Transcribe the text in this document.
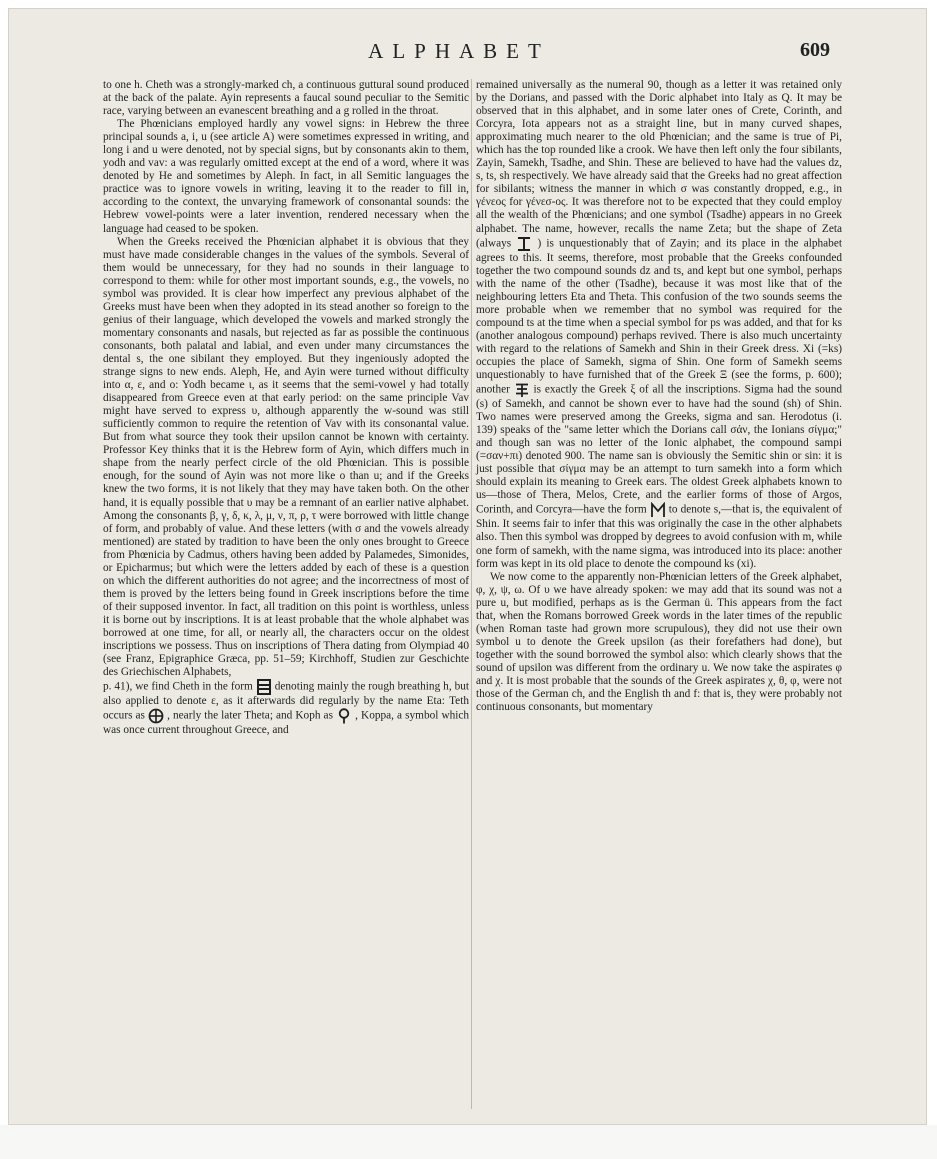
ALPHABET	609

to one h. Cheth was a strongly-marked ch, a continuous guttural sound produced at the back of the palate. Ayin represents a faucal sound peculiar to the Semitic race, varying between an evanescent breathing and a g rolled in the throat.

The Phœnicians employed hardly any vowel signs: in Hebrew the three principal sounds a, i, u (see article A) were sometimes expressed in writing, and long i and u were denoted, not by special signs, but by consonants akin to them, yodh and vav: a was regularly omitted except at the end of a word, where it was denoted by He and sometimes by Aleph. In fact, in all Semitic languages the practice was to ignore vowels in writing, leaving it to the reader to fill in, according to the context, the unvarying framework of consonantal sounds: the Hebrew vowel-points were a later invention, rendered necessary when the language had ceased to be spoken.

When the Greeks received the Phœnician alphabet it is obvious that they must have made considerable changes in the values of the symbols. Several of them would be unnecessary, for they had no sounds in their language to correspond to them: while for other most important sounds, e.g., the vowels, no symbol was provided. It is clear how imperfect any previous alphabet of the Greeks must have been when they adopted in its stead another so foreign to the genius of their language, which developed the vowels and marked strongly the momentary consonants and nasals, but rejected as far as possible the continuous consonants, both palatal and labial, and even under many circumstances the dental s, the one sibilant they employed. But they ingeniously adopted the strange signs to new ends. Aleph, He, and Ayin were turned without difficulty into α, ε, and o: Yodh became ι, as it seems that the semi-vowel y had totally disappeared from Greece even at that early period: on the same principle Vav might have served to express υ, although apparently the w-sound was still sufficiently common to require the retention of Vav with its consonantal value. But from what source they took their upsilon cannot be known with certainty. Professor Key thinks that it is the Hebrew form of Ayin, which differs much in shape from the nearly perfect circle of the old Phœnician. This is possible enough, for the sound of Ayin was not more like o than u; and if the Greeks knew the two forms, it is not likely that they may have taken both. On the other hand, it is equally possible that υ may be a remnant of an earlier native alphabet. Among the consonants β, γ, δ, κ, λ, μ, ν, π, ρ, τ were borrowed with little change of form, and probably of value. And these letters (with σ and the vowels already mentioned) are stated by tradition to have been the only ones brought to Greece from Phœnicia by Cadmus, others having been added by Palamedes, Simonides, or Epicharmus; but which were the letters added by each of these is a question on which the different authorities do not agree; and the incorrectness of most of them is proved by the letters being found in Greek inscriptions before the time of their supposed inventor. In fact, all tradition on this point is worthless, unless it is borne out by inscriptions. It is at least probable that the whole alphabet was borrowed at one time, for all, or nearly all, the characters occur on the oldest inscriptions we possess. Thus on inscriptions of Thera dating from Olympiad 40 (see Franz, Epigraphice Græca, pp. 51–59; Kirchhoff, Studien zur Geschichte des Griechischen Alphabets,

p. 41), we find Cheth in the form denoting mainly the rough breathing h, but also applied to denote ε, as it afterwards did regularly by the name Eta: Teth occurs as , nearly the later Theta; and Koph as , Koppa, a symbol which was once current throughout Greece, and

remained universally as the numeral 90, though as a letter it was retained only by the Dorians, and passed with the Doric alphabet into Italy as Q. It may be observed that in this alphabet, and in some later ones of Crete, Corinth, and Corcyra, Iota appears not as a straight line, but in many curved shapes, approximating much nearer to the old Phœnician; and the same is true of Pi, which has the top rounded like a crook. We have then left only the four sibilants, Zayin, Samekh, Tsadhe, and Shin. These are believed to have had the values dz, s, ts, sh respectively. We have already said that the Greeks had no great affection for sibilants; witness the manner in which σ was constantly dropped, e.g., in γένεος for γένεσ-ος. It was therefore not to be expected that they could employ all the wealth of the Phœnicians; and one symbol (Tsadhe) appears in no Greek alphabet. The name, however, recalls the name Zeta; but the shape of Zeta (always ) is unquestionably that of Zayin; and its place in the alphabet agrees to this. It seems, therefore, most probable that the Greeks confounded together the two compound sounds dz and ts, and kept but one symbol, perhaps with the name of the other (Tsadhe), because it was most like that of the neighbouring letters Eta and Theta. This confusion of the two sounds seems the more probable when we remember that no symbol was required for the compound ts at the time when a special symbol for ps was added, and that for ks (another analogous compound) perhaps revived. There is also much uncertainty with regard to the relations of Samekh and Shin in their Greek dress. Xi (=ks) occupies the place of Samekh, sigma of Shin. One form of Samekh seems unquestionably to have furnished that of the Greek Ξ (see the forms, p. 600); another is exactly the Greek ξ of all the inscriptions. Sigma had the sound (s) of Samekh, and cannot be shown ever to have had the sound (sh) of Shin. Two names were preserved among the Greeks, sigma and san. Herodotus (i. 139) speaks of the "same letter which the Dorians call σάν, the Ionians σίγμα;" and though san was no letter of the Ionic alphabet, the compound sampi (=σαν+πι) denoted 900. The name san is obviously the Semitic shin or sin: it is just possible that σίγμα may be an attempt to turn samekh into a form which should explain its meaning to Greek ears. The oldest Greek alphabets known to us—those of Thera, Melos, Crete, and the earlier forms of those of Argos, Corinth, and Corcyra—have the form to denote s,—that is, the equivalent of Shin. It seems fair to infer that this was originally the case in the other alphabets also. Then this symbol was dropped by degrees to avoid confusion with m, while one form of samekh, with the name sigma, was introduced into its place: another form was kept in its old place to denote the compound ks (xi).

We now come to the apparently non-Phœnician letters of the Greek alphabet, φ, χ, ψ, ω. Of υ we have already spoken: we may add that its sound was not a pure u, but modified, perhaps as is the German ü. This appears from the fact that, when the Romans borrowed Greek words in the later times of the republic (when Roman taste had grown more scrupulous), they did not use their own symbol u to denote the Greek upsilon (as their forefathers had done), but together with the sound borrowed the symbol also: which clearly shows that the sound of upsilon was different from the ordinary u. We now take the aspirates φ and χ. It is most probable that the sounds of the Greek aspirates χ, θ, φ, were not those of the German ch, and the English th and f: that is, they were probably not continuous consonants, but momentary
